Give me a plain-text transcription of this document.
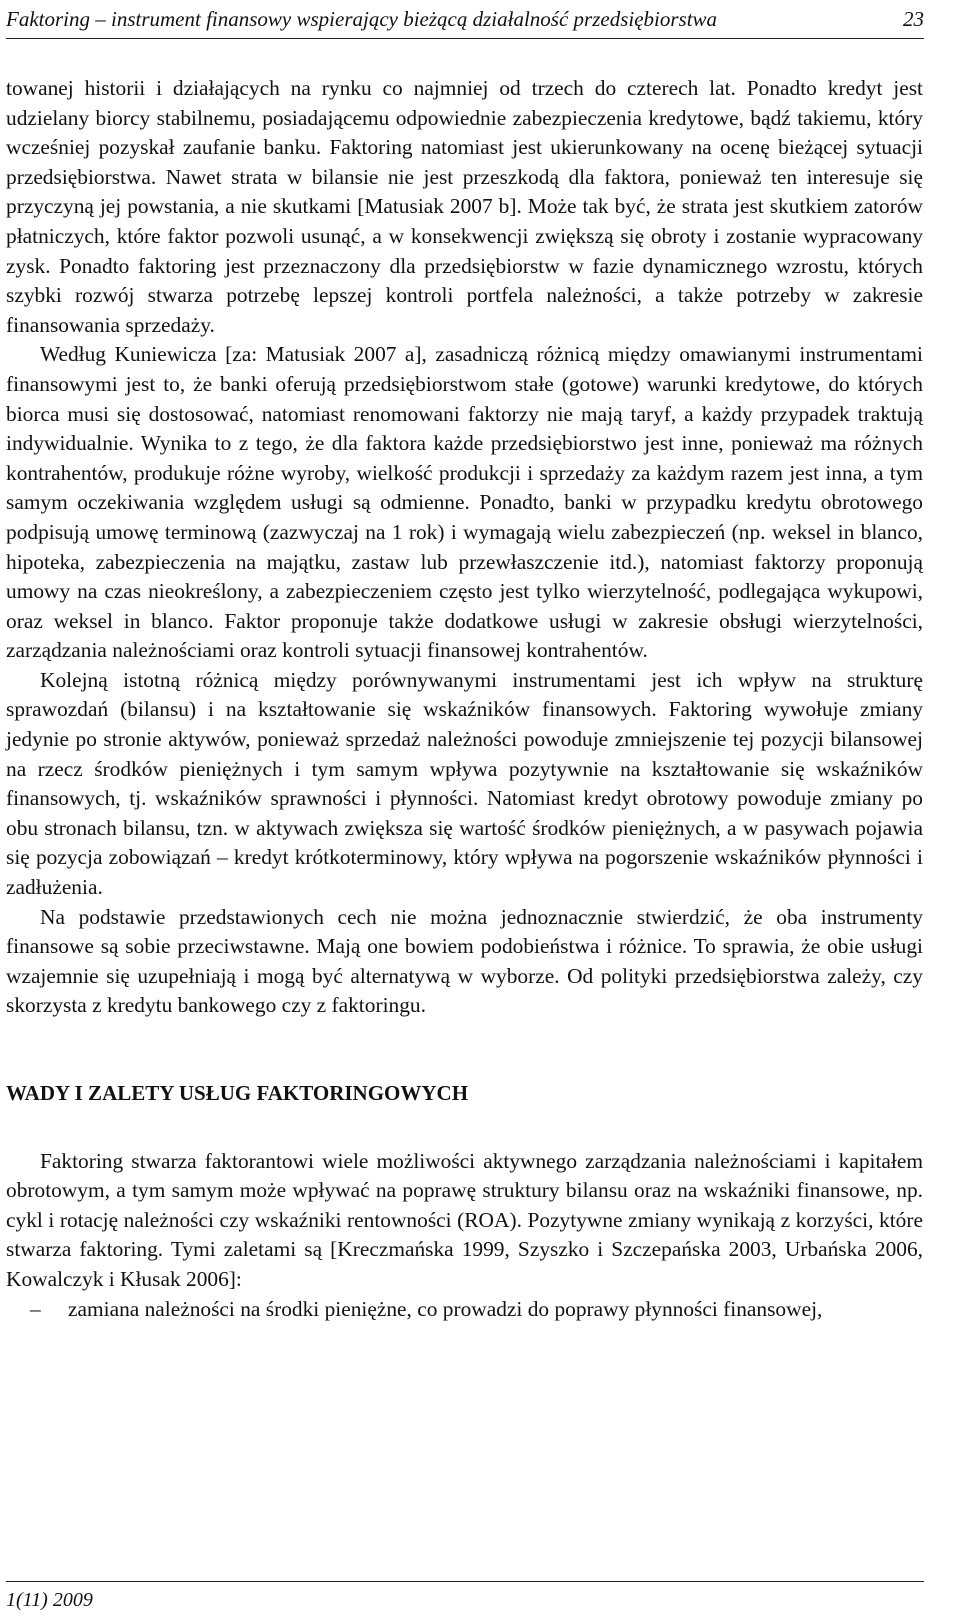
Faktoring – instrument finansowy wspierający bieżącą działalność przedsiębiorstwa	23

towanej historii i działających na rynku co najmniej od trzech do czterech lat. Ponadto kredyt jest udzielany biorcy stabilnemu, posiadającemu odpowiednie zabezpieczenia kredytowe, bądź takiemu, który wcześniej pozyskał zaufanie banku. Faktoring natomiast jest ukierunkowany na ocenę bieżącej sytuacji przedsiębiorstwa. Nawet strata w bilansie nie jest przeszkodą dla faktora, ponieważ ten interesuje się przyczyną jej powstania, a nie skutkami [Matusiak 2007 b]. Może tak być, że strata jest skutkiem zatorów płatniczych, które faktor pozwoli usunąć, a w konsekwencji zwiększą się obroty i zostanie wypracowany zysk. Ponadto faktoring jest przeznaczony dla przedsiębiorstw w fazie dynamicznego wzrostu, których szybki rozwój stwarza potrzebę lepszej kontroli portfela należności, a także potrzeby w zakresie finansowania sprzedaży.

Według Kuniewicza [za: Matusiak 2007 a], zasadniczą różnicą między omawianymi instrumentami finansowymi jest to, że banki oferują przedsiębiorstwom stałe (gotowe) warunki kredytowe, do których biorca musi się dostosować, natomiast renomowani faktorzy nie mają taryf, a każdy przypadek traktują indywidualnie. Wynika to z tego, że dla faktora każde przedsiębiorstwo jest inne, ponieważ ma różnych kontrahentów, produkuje różne wyroby, wielkość produkcji i sprzedaży za każdym razem jest inna, a tym samym oczekiwania względem usługi są odmienne. Ponadto, banki w przypadku kredytu obrotowego podpisują umowę terminową (zazwyczaj na 1 rok) i wymagają wielu zabezpieczeń (np. weksel in blanco, hipoteka, zabezpieczenia na majątku, zastaw lub przewłaszczenie itd.), natomiast faktorzy proponują umowy na czas nieokreślony, a zabezpieczeniem często jest tylko wierzytelność, podlegająca wykupowi, oraz weksel in blanco. Faktor proponuje także dodatkowe usługi w zakresie obsługi wierzytelności, zarządzania należnościami oraz kontroli sytuacji finansowej kontrahentów.

Kolejną istotną różnicą między porównywanymi instrumentami jest ich wpływ na strukturę sprawozdań (bilansu) i na kształtowanie się wskaźników finansowych. Faktoring wywołuje zmiany jedynie po stronie aktywów, ponieważ sprzedaż należności powoduje zmniejszenie tej pozycji bilansowej na rzecz środków pieniężnych i tym samym wpływa pozytywnie na kształtowanie się wskaźników finansowych, tj. wskaźników sprawności i płynności. Natomiast kredyt obrotowy powoduje zmiany po obu stronach bilansu, tzn. w aktywach zwiększa się wartość środków pieniężnych, a w pasywach pojawia się pozycja zobowiązań – kredyt krótkoterminowy, który wpływa na pogorszenie wskaźników płynności i zadłużenia.

Na podstawie przedstawionych cech nie można jednoznacznie stwierdzić, że oba instrumenty finansowe są sobie przeciwstawne. Mają one bowiem podobieństwa i różnice. To sprawia, że obie usługi wzajemnie się uzupełniają i mogą być alternatywą w wyborze. Od polityki przedsiębiorstwa zależy, czy skorzysta z kredytu bankowego czy z faktoringu.

WADY I ZALETY USŁUG FAKTORINGOWYCH

Faktoring stwarza faktorantowi wiele możliwości aktywnego zarządzania należnościami i kapitałem obrotowym, a tym samym może wpływać na poprawę struktury bilansu oraz na wskaźniki finansowe, np. cykl i rotację należności czy wskaźniki rentowności (ROA). Pozytywne zmiany wynikają z korzyści, które stwarza faktoring. Tymi zaletami są [Kreczmańska 1999, Szyszko i Szczepańska 2003, Urbańska 2006, Kowalczyk i Kłusak 2006]:

– zamiana należności na środki pieniężne, co prowadzi do poprawy płynności finansowej,
1(11) 2009
